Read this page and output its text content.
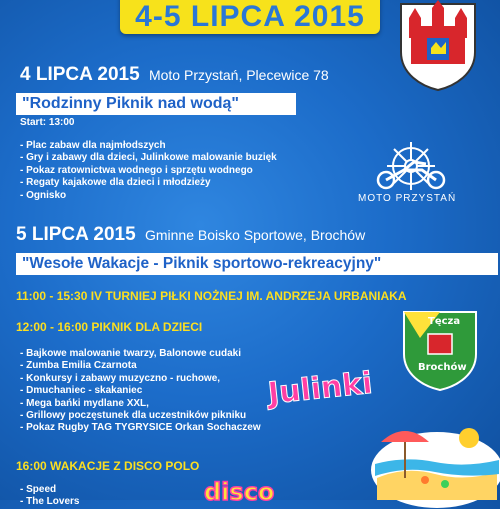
4-5 LIPCA 2015
4 LIPCA 2015 Moto Przystań, Plecewice 78
"Rodzinny Piknik nad wodą"
Start: 13:00
- Plac zabaw dla najmłodszych
- Gry i zabawy dla dzieci, Julinkowe malowanie buzięk
- Pokaz ratownictwa wodnego i sprzętu wodnego
- Regaty kajakowe dla dzieci i młodzieży
- Ognisko	MOTO PRZYSTAŃ
5 LIPCA 2015 Gminne Boisko Sportowe, Brochów
"Wesołe Wakacje - Piknik sportowo-rekreacyjny"
11:00 - 15:30 IV TURNIEJ PIŁKI NOŻNEJ IM. ANDRZEJA URBANIAKA
12:00 - 16:00 PIKNIK DLA DZIECI
- Bajkowe malowanie twarzy, Balonowe cudaki
- Zumba Emilia Czarnota
- Konkursy i zabawy muzyczno - ruchowe,
- Dmuchaniec - skakaniec
- Mega bańki mydlane XXL,
- Grillowy poczęstunek dla uczestników pikniku
- Pokaz Rugby TAG TYGRYSICE Orkan Sochaczew
16:00 WAKACJE Z DISCO POLO
- Speed
- The Lovers
Tęcza
Brochów
Julinki
disco
